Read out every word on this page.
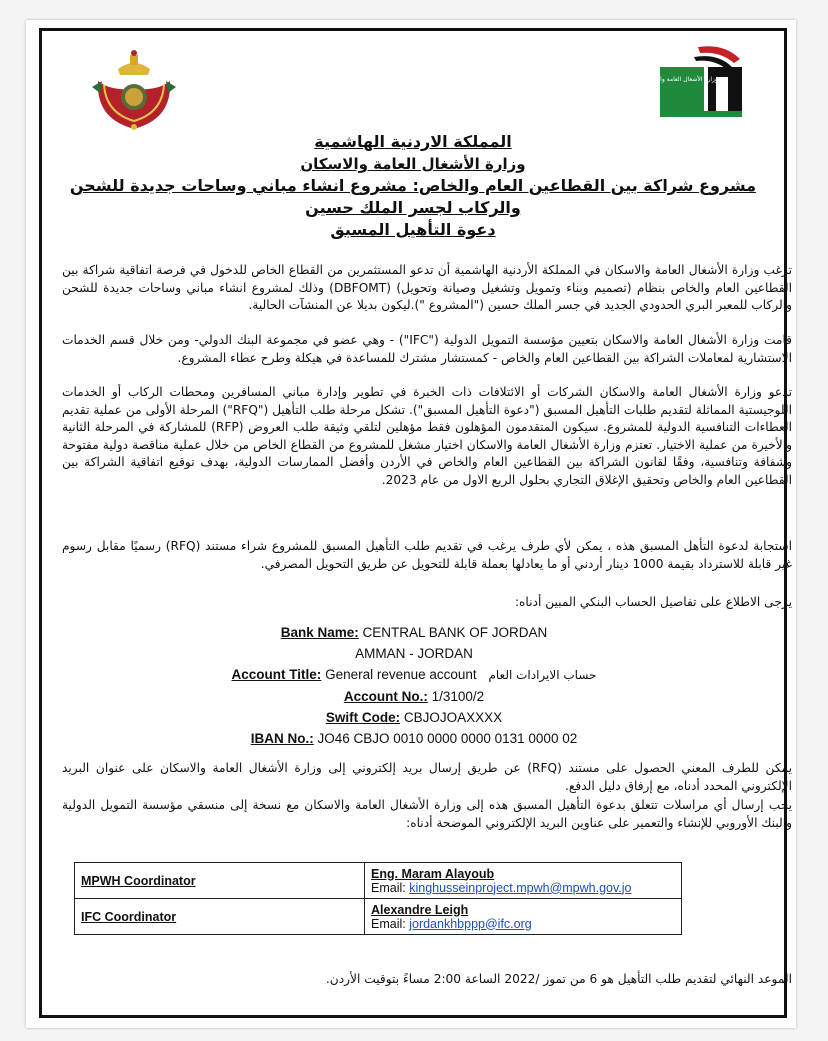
وزارة الأشغال العامة والاسكان
المملكة الاردنية الهاشمية
وزارة الأشغال العامة والاسكان
مشروع شراكة بين القطاعين العام والخاص: مشروع انشاء مباني وساحات جديدة للشحن
والركاب لجسر الملك حسين
دعوة التأهيل المسبق
ترغب وزارة الأشغال العامة والاسكان في المملكة الأردنية الهاشمية أن تدعو المستثمرين من القطاع الخاص للدخول في فرصة اتفاقية شراكة بين القطاعين العام والخاص بنظام (تصميم وبناء وتمويل وتشغيل وصيانة وتحويل) (DBFOMT) وذلك لمشروع انشاء مباني وساحات جديدة للشحن والركاب للمعبر البري الحدودي الجديد في جسر الملك حسين ("المشروع ").ليكون بديلا عن المنشآت الحالية.
قامت وزارة الأشغال العامة والاسكان بتعيين مؤسسة التمويل الدولية ("IFC") - وهي عضو في مجموعة البنك الدولي- ومن خلال قسم الخدمات الاستشارية لمعاملات الشراكة بين القطاعين العام والخاص - كمستشار مشترك للمساعدة في هيكلة وطرح عطاء المشروع.
تدعو وزارة الأشغال العامة والاسكان الشركات أو الائتلافات ذات الخبرة في تطوير وإدارة مباني المسافرين ومحطات الركاب أو الخدمات اللوجيستية المماثلة لتقديم طلبات التأهيل المسبق ("دعوة التأهيل المسبق"). تشكل مرحلة طلب التأهيل ("RFQ") المرحلة الأولى من عملية تقديم العطاءات التنافسية الدولية للمشروع. سيكون المتقدمون المؤهلون فقط مؤهلين لتلقي وثيقة طلب العروض (RFP) للمشاركة في المرحلة الثانية والأخيرة من عملية الاختيار. تعتزم وزارة الأشغال العامة والاسكان اختيار مشغل للمشروع من القطاع الخاص من خلال عملية مناقصة دولية مفتوحة وشفافة وتنافسية، وفقًا لقانون الشراكة بين القطاعين العام والخاص في الأردن وأفضل الممارسات الدولية، بهدف توقيع اتفاقية الشراكة بين القطاعين العام والخاص وتحقيق الإغلاق التجاري بحلول الربع الاول من عام 2023.
استجابة لدعوة التأهل المسبق هذه ، يمكن لأي طرف يرغب في تقديم طلب التأهيل المسبق للمشروع شراء مستند (RFQ) رسميًا مقابل رسوم غير قابلة للاسترداد بقيمة 1000 دينار أردني أو ما يعادلها بعملة قابلة للتحويل عن طريق التحويل المصرفي.
يرجى الاطلاع على تفاصيل الحساب البنكي المبين أدناه:
Bank Name: CENTRAL BANK OF JORDAN
AMMAN - JORDAN
Account Title: General revenue account حساب الايرادات العام
Account No.: 1/3100/2
Swift Code: CBJOJOAXXXX
IBAN No.: JO46 CBJO 0010 0000 0000 0131 0000 02
يمكن للطرف المعني الحصول على مستند (RFQ) عن طريق إرسال بريد إلكتروني إلى وزارة الأشغال العامة والاسكان على عنوان البريد الإلكتروني المحدد أدناه، مع إرفاق دليل الدفع.
يجب إرسال أي مراسلات تتعلق بدعوة التأهيل المسبق هذه إلى وزارة الأشغال العامة والاسكان مع نسخة إلى منسقي مؤسسة التمويل الدولية والبنك الأوروبي للإنشاء والتعمير على عناوين البريد الإلكتروني الموضحة أدناه:
MPWH Coordinator	Eng. Maram Alayoub
Email: kinghusseinproject.mpwh@mpwh.gov.jo

IFC Coordinator	Alexandre Leigh
Email: jordankhbppp@ifc.org
الموعد النهائي لتقديم طلب التأهيل هو 6 من تموز /2022 الساعة 2:00 مساءً بتوقيت الأردن.
